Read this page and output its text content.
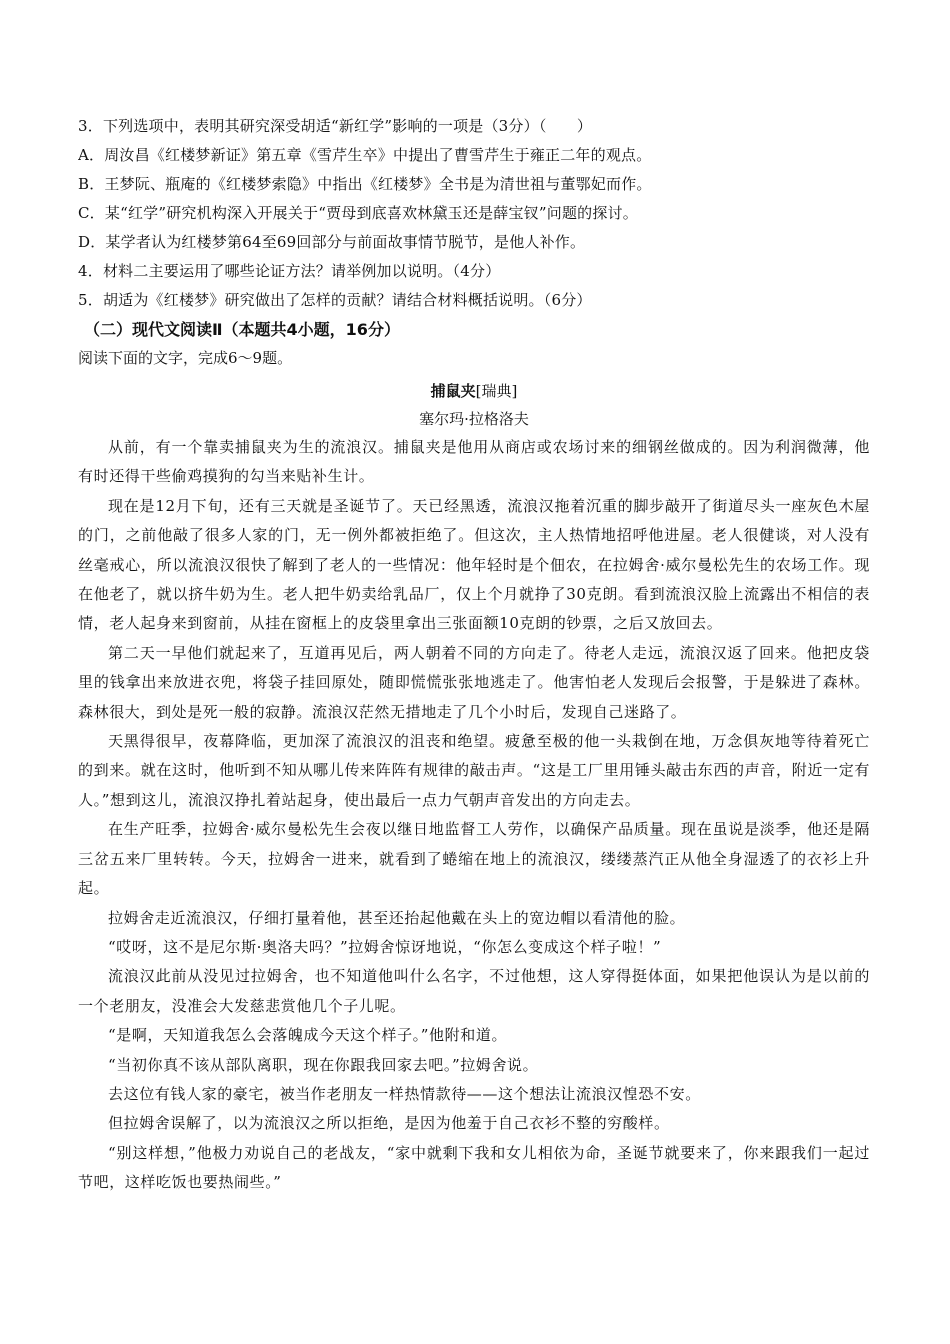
3．下列选项中，表明其研究深受胡适“新红学”影响的一项是（3分）（　　）

A．周汝昌《红楼梦新证》第五章《雪芹生卒》中提出了曹雪芹生于雍正二年的观点。

B．王梦阮、瓶庵的《红楼梦索隐》中指出《红楼梦》全书是为清世祖与董鄂妃而作。

C．某“红学”研究机构深入开展关于“贾母到底喜欢林黛玉还是薛宝钗”问题的探讨。

D．某学者认为红楼梦第64至69回部分与前面故事情节脱节，是他人补作。

4．材料二主要运用了哪些论证方法？请举例加以说明。（4分）

5．胡适为《红楼梦》研究做出了怎样的贡献？请结合材料概括说明。（6分）

（二）现代文阅读Ⅱ（本题共4小题，16分）

阅读下面的文字，完成6～9题。

捕鼠夹[瑞典]

塞尔玛·拉格洛夫

从前，有一个靠卖捕鼠夹为生的流浪汉。捕鼠夹是他用从商店或农场讨来的细钢丝做成的。因为利润微薄，他有时还得干些偷鸡摸狗的勾当来贴补生计。

现在是12月下旬，还有三天就是圣诞节了。天已经黑透，流浪汉拖着沉重的脚步敲开了街道尽头一座灰色木屋的门，之前他敲了很多人家的门，无一例外都被拒绝了。但这次，主人热情地招呼他进屋。老人很健谈，对人没有丝毫戒心，所以流浪汉很快了解到了老人的一些情况：他年轻时是个佃农，在拉姆舍·威尔曼松先生的农场工作。现在他老了，就以挤牛奶为生。老人把牛奶卖给乳品厂，仅上个月就挣了30克朗。看到流浪汉脸上流露出不相信的表情，老人起身来到窗前，从挂在窗框上的皮袋里拿出三张面额10克朗的钞票，之后又放回去。

第二天一早他们就起来了，互道再见后，两人朝着不同的方向走了。待老人走远，流浪汉返了回来。他把皮袋里的钱拿出来放进衣兜，将袋子挂回原处，随即慌慌张张地逃走了。他害怕老人发现后会报警，于是躲进了森林。森林很大，到处是死一般的寂静。流浪汉茫然无措地走了几个小时后，发现自己迷路了。

天黑得很早，夜幕降临，更加深了流浪汉的沮丧和绝望。疲惫至极的他一头栽倒在地，万念俱灰地等待着死亡的到来。就在这时，他听到不知从哪儿传来阵阵有规律的敲击声。“这是工厂里用锤头敲击东西的声音，附近一定有人。”想到这儿，流浪汉挣扎着站起身，使出最后一点力气朝声音发出的方向走去。

在生产旺季，拉姆舍·威尔曼松先生会夜以继日地监督工人劳作，以确保产品质量。现在虽说是淡季，他还是隔三岔五来厂里转转。今天，拉姆舍一进来，就看到了蜷缩在地上的流浪汉，缕缕蒸汽正从他全身湿透了的衣衫上升起。

拉姆舍走近流浪汉，仔细打量着他，甚至还抬起他戴在头上的宽边帽以看清他的脸。

“哎呀，这不是尼尔斯·奥洛夫吗？”拉姆舍惊讶地说，“你怎么变成这个样子啦！”

流浪汉此前从没见过拉姆舍，也不知道他叫什么名字，不过他想，这人穿得挺体面，如果把他误认为是以前的一个老朋友，没准会大发慈悲赏他几个子儿呢。

“是啊，天知道我怎么会落魄成今天这个样子。”他附和道。

“当初你真不该从部队离职，现在你跟我回家去吧。”拉姆舍说。

去这位有钱人家的豪宅，被当作老朋友一样热情款待——这个想法让流浪汉惶恐不安。

但拉姆舍误解了，以为流浪汉之所以拒绝，是因为他羞于自己衣衫不整的穷酸样。

“别这样想，”他极力劝说自己的老战友，“家中就剩下我和女儿相依为命，圣诞节就要来了，你来跟我们一起过节吧，这样吃饭也要热闹些。”
